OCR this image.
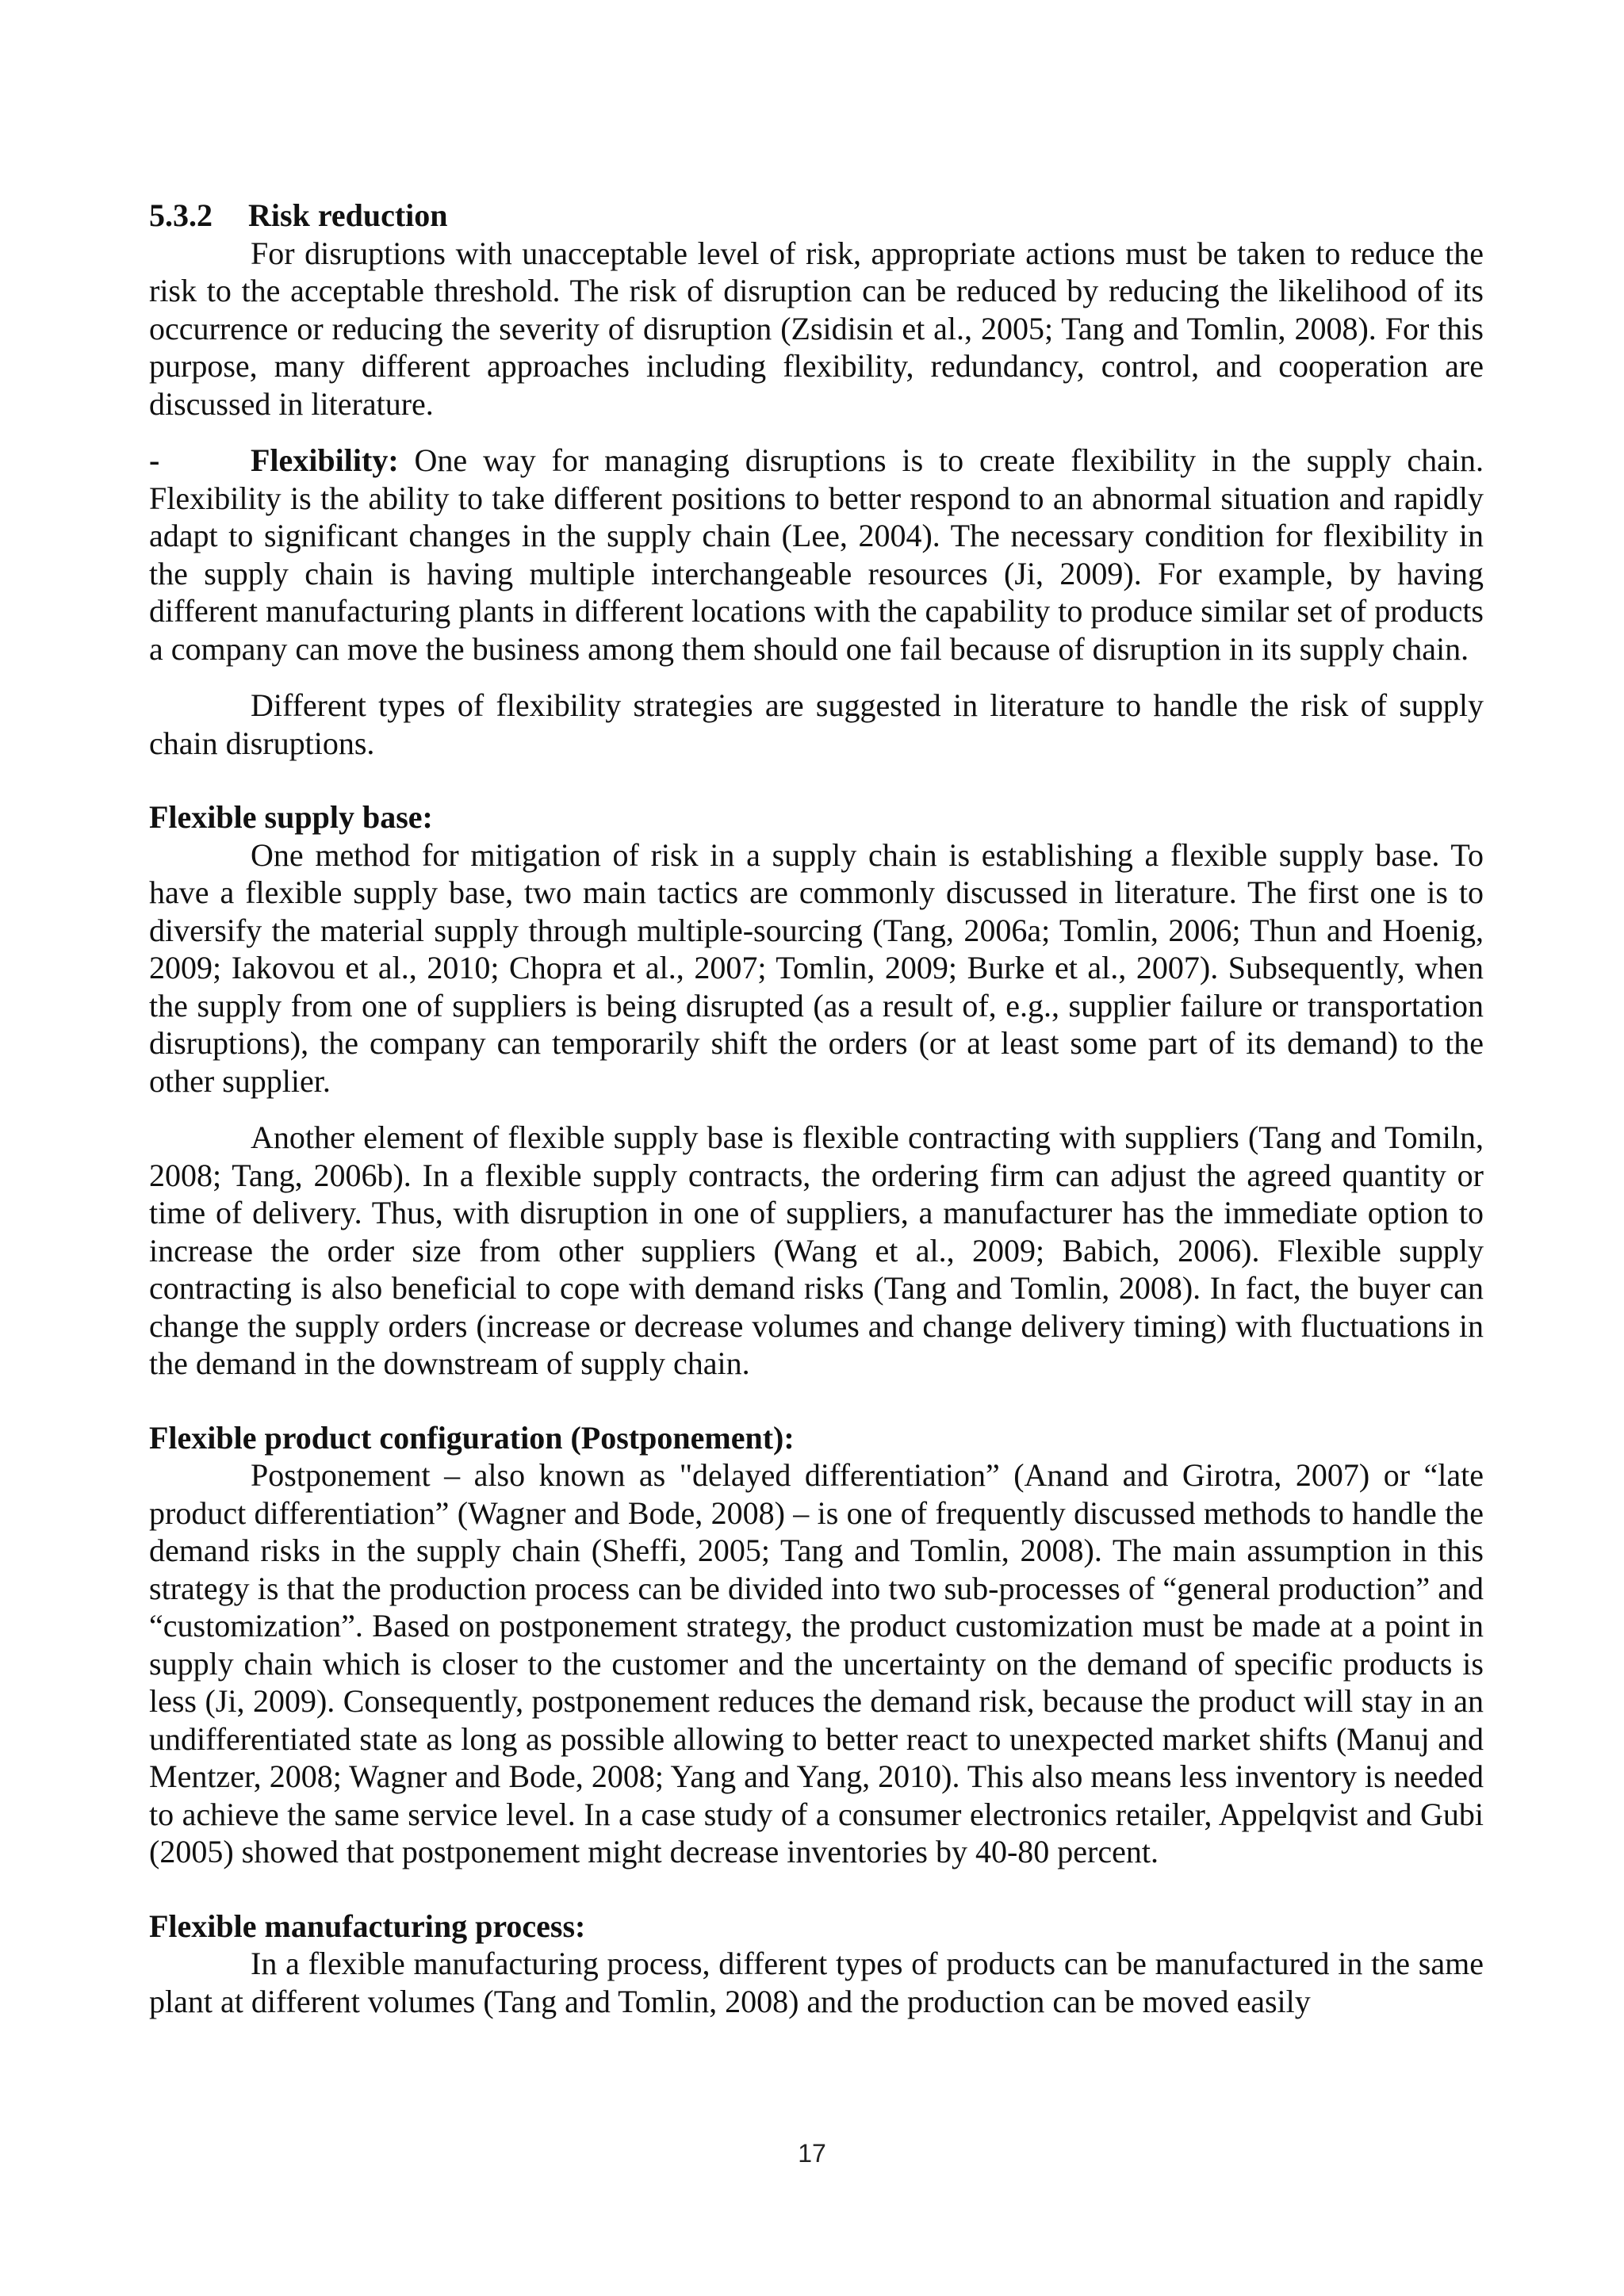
5.3.2 Risk reduction

For disruptions with unacceptable level of risk, appropriate actions must be taken to reduce the risk to the acceptable threshold. The risk of disruption can be reduced by reducing the likelihood of its occurrence or reducing the severity of disruption (Zsidisin et al., 2005; Tang and Tomlin, 2008). For this purpose, many different approaches including flexibility, redundancy, control, and cooperation are discussed in literature.

-	Flexibility: One way for managing disruptions is to create flexibility in the supply chain. Flexibility is the ability to take different positions to better respond to an abnormal situation and rapidly adapt to significant changes in the supply chain (Lee, 2004). The necessary condition for flexibility in the supply chain is having multiple interchangeable resources (Ji, 2009). For example, by having different manufacturing plants in different locations with the capability to produce similar set of products a company can move the business among them should one fail because of disruption in its supply chain.

Different types of flexibility strategies are suggested in literature to handle the risk of supply chain disruptions.

Flexible supply base:

One method for mitigation of risk in a supply chain is establishing a flexible supply base. To have a flexible supply base, two main tactics are commonly discussed in literature. The first one is to diversify the material supply through multiple-sourcing (Tang, 2006a; Tomlin, 2006; Thun and Hoenig, 2009; Iakovou et al., 2010; Chopra et al., 2007; Tomlin, 2009; Burke et al., 2007). Subsequently, when the supply from one of suppliers is being disrupted (as a result of, e.g., supplier failure or transportation disruptions), the company can temporarily shift the orders (or at least some part of its demand) to the other supplier.

Another element of flexible supply base is flexible contracting with suppliers (Tang and Tomiln, 2008; Tang, 2006b). In a flexible supply contracts, the ordering firm can adjust the agreed quantity or time of delivery. Thus, with disruption in one of suppliers, a manufacturer has the immediate option to increase the order size from other suppliers (Wang et al., 2009; Babich, 2006). Flexible supply contracting is also beneficial to cope with demand risks (Tang and Tomlin, 2008). In fact, the buyer can change the supply orders (increase or decrease volumes and change delivery timing) with fluctuations in the demand in the downstream of supply chain.

Flexible product configuration (Postponement):

Postponement – also known as "delayed differentiation” (Anand and Girotra, 2007) or “late product differentiation” (Wagner and Bode, 2008) – is one of frequently discussed methods to handle the demand risks in the supply chain (Sheffi, 2005; Tang and Tomlin, 2008). The main assumption in this strategy is that the production process can be divided into two sub-processes of “general production” and “customization”. Based on postponement strategy, the product customization must be made at a point in supply chain which is closer to the customer and the uncertainty on the demand of specific products is less (Ji, 2009). Consequently, postponement reduces the demand risk, because the product will stay in an undifferentiated state as long as possible allowing to better react to unexpected market shifts (Manuj and Mentzer, 2008; Wagner and Bode, 2008; Yang and Yang, 2010). This also means less inventory is needed to achieve the same service level. In a case study of a consumer electronics retailer, Appelqvist and Gubi (2005) showed that postponement might decrease inventories by 40-80 percent.

Flexible manufacturing process:

In a flexible manufacturing process, different types of products can be manufactured in the same plant at different volumes (Tang and Tomlin, 2008) and the production can be moved easily

17
